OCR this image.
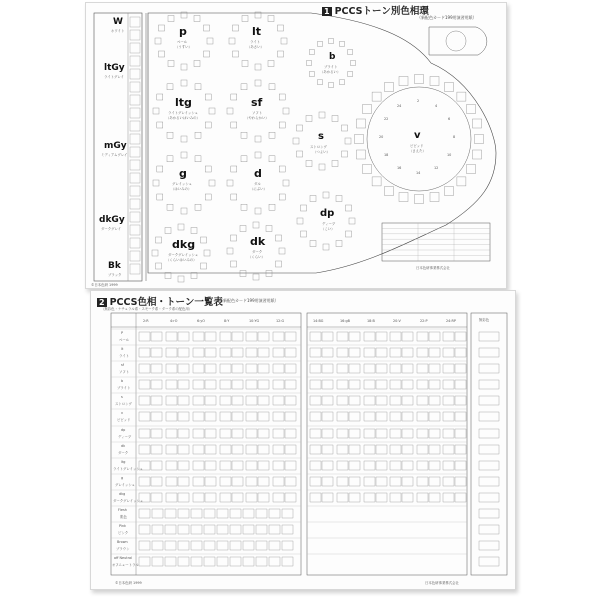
1 PCCSトーン別色相環
（新配色カード199用演習用紙）
W
ホワイト
ltGy
ライトグレイ
mGy
ミディアムグレイ
dkGy
ダークグレイ
Bk
ブラック
p
ペール
（うすい）
lt
ライト
（あさい）
ltg
ライトグレイッシュ
（あかるいはいみの）
sf
ソフト
（やわらかい）
g
グレイッシュ
（はいみの）
d
ダル
（にぶい）
dkg
ダークグレイッシュ
（くらいはいみの）
dk
ダーク
（くらい）
b
ブライト
（あかるい）
s
ストロング
（つよい）
dp
ディープ
（こい）
v
ビビッド
（さえた）
2
4
6
8
10
12
14
16
18
20
22
24
日本色研事業株式会社
©日本色研 1999
2 PCCS色相・トーン一覧表
（新配色カード199用演習用紙）
（無彩色・ナチュラル系・スモーク系・ダーク系の配色用）
2:R	4:rO	6:yO	8:Y	10:YG	12:G	14:BG	16:gB	18:B	20:V	22:P	24:RP	無彩色
P
ペール
lt
ライト
sf
ソフト
b
ブライト
s
ストロング
v
ビビッド
dp
ディープ
dk
ダーク
ltg
ライトグレイッシュ
g
グレイッシュ
dkg
ダークグレイッシュ
Flesh
肌色
Pink
ピンク
Brown
ブラウン
off Neutral
オフニュートラル
日本色研事業株式会社
©日本色研 1999
